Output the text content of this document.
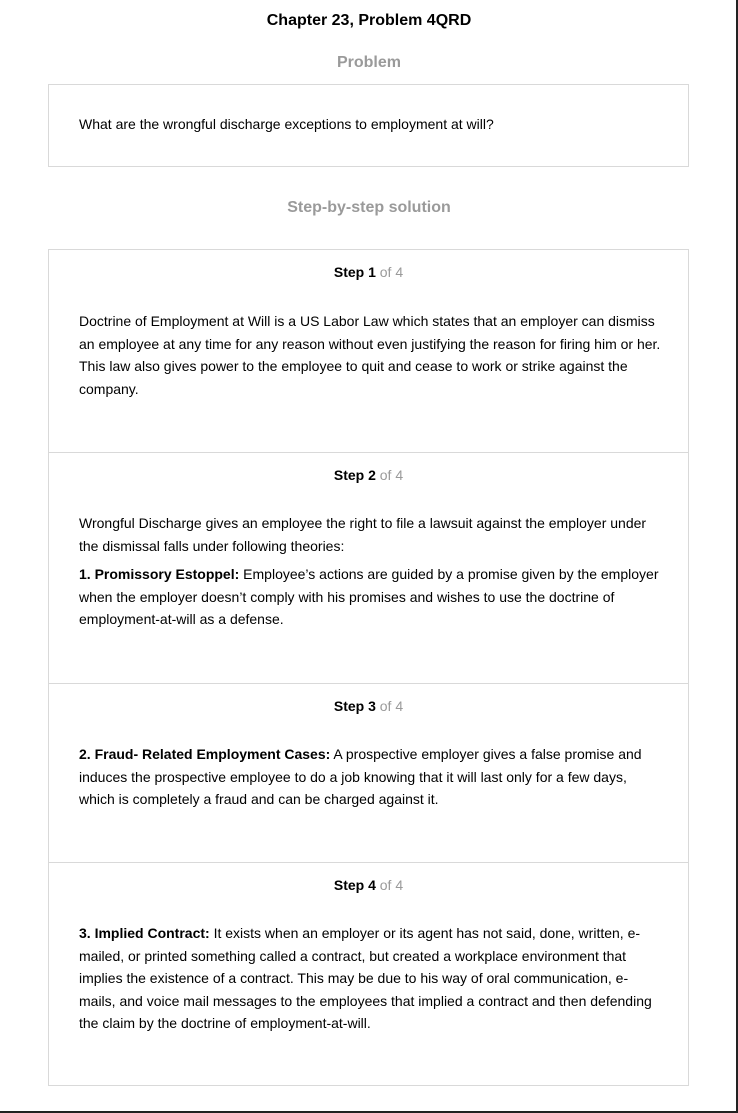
Chapter 23, Problem 4QRD
Problem
What are the wrongful discharge exceptions to employment at will?
Step-by-step solution
Step 1 of 4

Doctrine of Employment at Will is a US Labor Law which states that an employer can dismiss an employee at any time for any reason without even justifying the reason for firing him or her. This law also gives power to the employee to quit and cease to work or strike against the company.

Step 2 of 4

Wrongful Discharge gives an employee the right to file a lawsuit against the employer under the dismissal falls under following theories:

1. Promissory Estoppel: Employee’s actions are guided by a promise given by the employer when the employer doesn’t comply with his promises and wishes to use the doctrine of employment-at-will as a defense.

Step 3 of 4

2. Fraud- Related Employment Cases: A prospective employer gives a false promise and induces the prospective employee to do a job knowing that it will last only for a few days, which is completely a fraud and can be charged against it.

Step 4 of 4

3. Implied Contract: It exists when an employer or its agent has not said, done, written, e-mailed, or printed something called a contract, but created a workplace environment that implies the existence of a contract. This may be due to his way of oral communication, e-mails, and voice mail messages to the employees that implied a contract and then defending the claim by the doctrine of employment-at-will.
